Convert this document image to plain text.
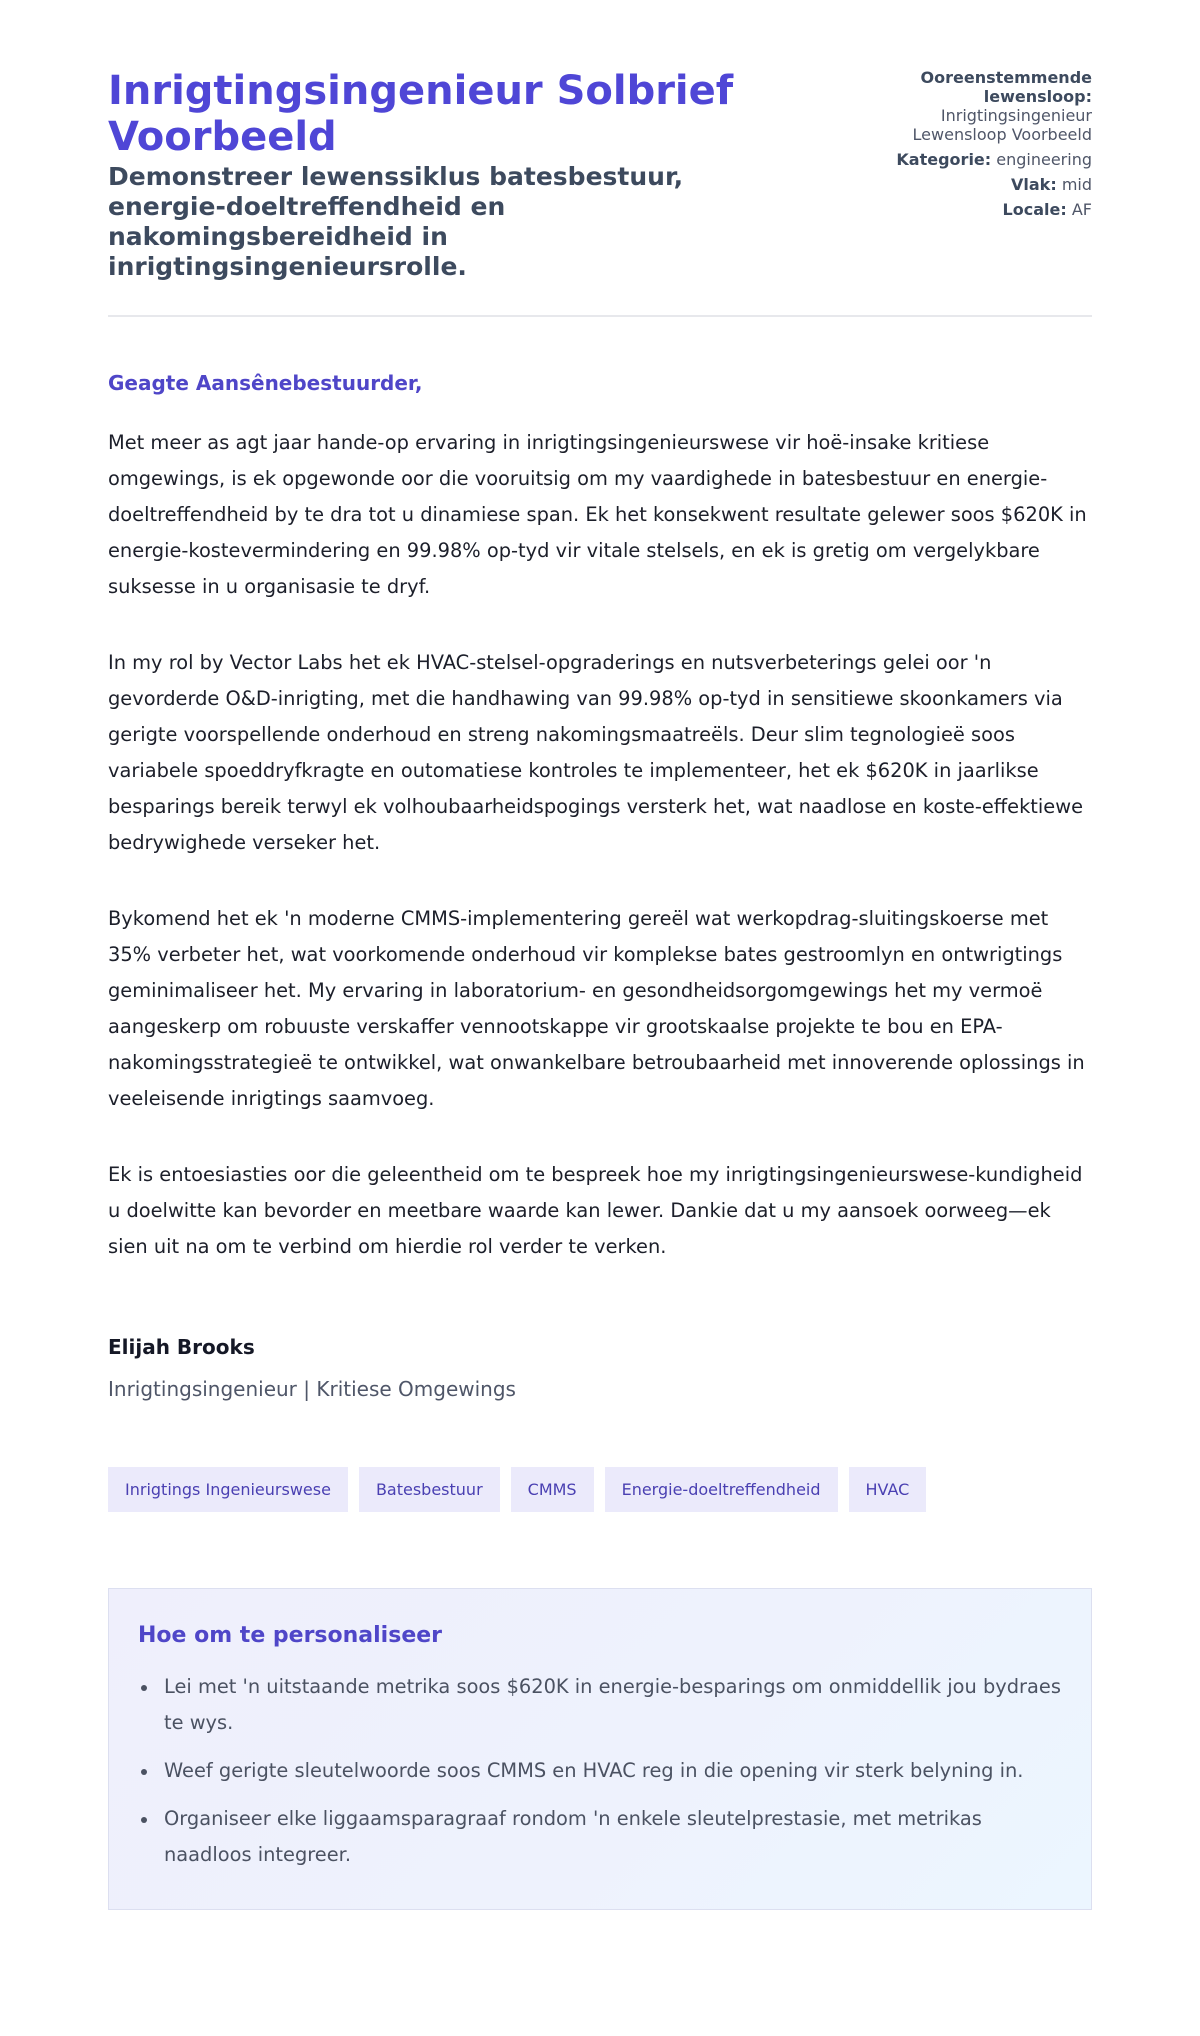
Inrigtingsingenieur Solbrief Voorbeeld
Demonstreer lewenssiklus batesbestuur, energie-doeltreffendheid en nakomingsbereidheid in inrigtingsingenieursrolle.
Ooreenstemmende lewensloop: Inrigtingsingenieur Lewensloop Voorbeeld
Kategorie: engineering
Vlak: mid
Locale: AF

Geagte Aansênebestuurder,

Met meer as agt jaar hande-op ervaring in inrigtingsingenieurswese vir hoë-insake kritiese omgewings, is ek opgewonde oor die vooruitsig om my vaardighede in batesbestuur en energie-doeltreffendheid by te dra tot u dinamiese span. Ek het konsekwent resultate gelewer soos $620K in energie-kostevermindering en 99.98% op-tyd vir vitale stelsels, en ek is gretig om vergelykbare suksesse in u organisasie te dryf.

In my rol by Vector Labs het ek HVAC-stelsel-opgraderings en nutsverbeterings gelei oor 'n gevorderde O&D-inrigting, met die handhawing van 99.98% op-tyd in sensitiewe skoonkamers via gerigte voorspellende onderhoud en streng nakomingsmaatreëls. Deur slim tegnologieë soos variabele spoeddryfkragte en outomatiese kontroles te implementeer, het ek $620K in jaarlikse besparings bereik terwyl ek volhoubaarheidspogings versterk het, wat naadlose en koste-effektiewe bedrywighede verseker het.

Bykomend het ek 'n moderne CMMS-implementering gereël wat werkopdrag-sluitingskoerse met 35% verbeter het, wat voorkomende onderhoud vir komplekse bates gestroomlyn en ontwrigtings geminimaliseer het. My ervaring in laboratorium- en gesondheidsorgomgewings het my vermoë aangeskerp om robuuste verskaffer vennootskappe vir grootskaalse projekte te bou en EPA-nakomingsstrategieë te ontwikkel, wat onwankelbare betroubaarheid met innoverende oplossings in veeleisende inrigtings saamvoeg.

Ek is entoesiasties oor die geleentheid om te bespreek hoe my inrigtingsingenieurswese-kundigheid u doelwitte kan bevorder en meetbare waarde kan lewer. Dankie dat u my aansoek oorweeg—ek sien uit na om te verbind om hierdie rol verder te verken.

Elijah Brooks
Inrigtingsingenieur | Kritiese Omgewings
Inrigtings Ingenieurswese	Batesbestuur	CMMS	Energie-doeltreffendheid	HVAC
Hoe om te personaliseer
Lei met 'n uitstaande metrika soos $620K in energie-besparings om onmiddellik jou bydraes te wys.
Weef gerigte sleutelwoorde soos CMMS en HVAC reg in die opening vir sterk belyning in.
Organiseer elke liggaamsparagraaf rondom 'n enkele sleutelprestasie, met metrikas naadloos integreer.
